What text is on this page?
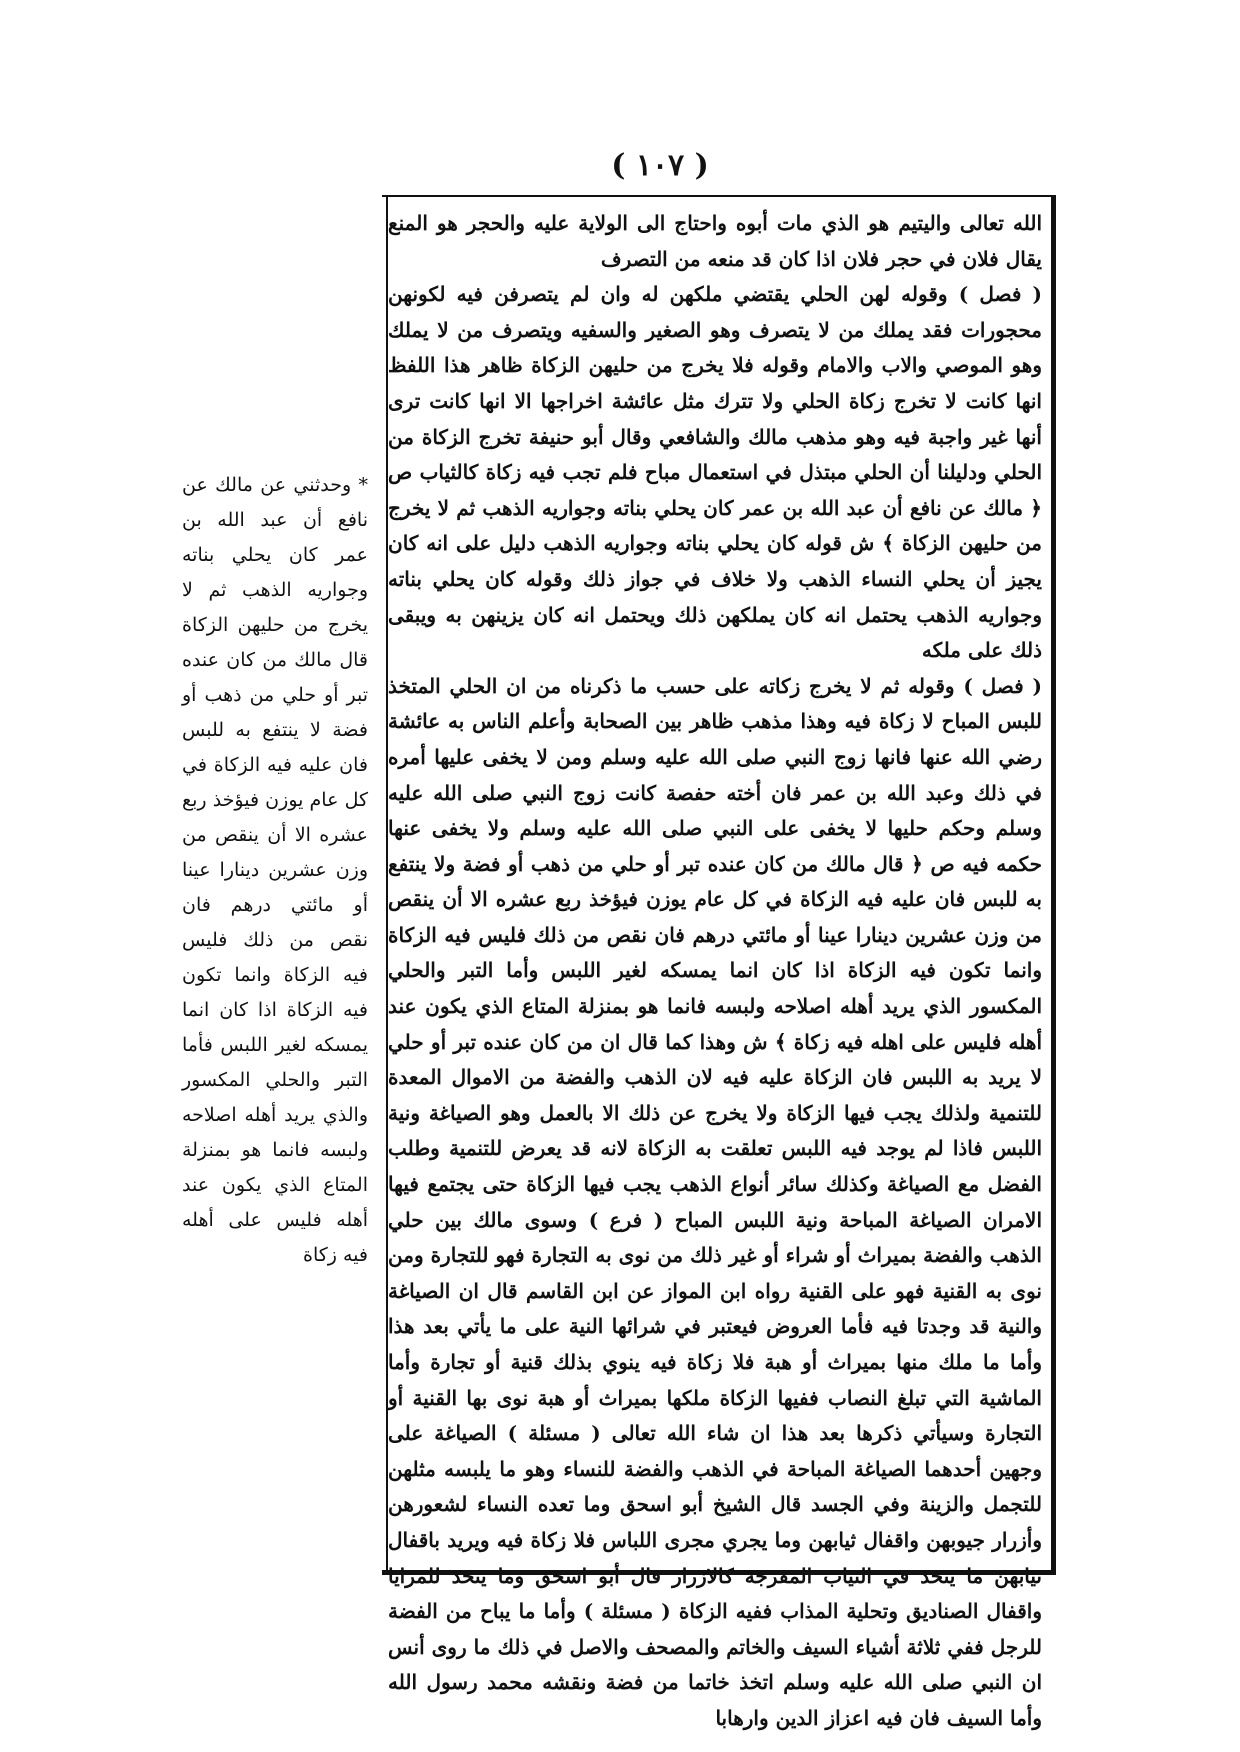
( ١٠٧ )

الله تعالى واليتيم هو الذي مات أبوه واحتاج الى الولاية عليه والحجر هو المنع يقال فلان في حجر فلان اذا كان قد منعه من التصرف

( فصل ) وقوله لهن الحلي يقتضي ملكهن له وان لم يتصرفن فيه لكونهن محجورات فقد يملك من لا يتصرف وهو الصغير والسفيه ويتصرف من لا يملك وهو الموصي والاب والامام وقوله فلا يخرج من حليهن الزكاة ظاهر هذا اللفظ انها كانت لا تخرج زكاة الحلي ولا تترك مثل عائشة اخراجها الا انها كانت ترى أنها غير واجبة فيه وهو مذهب مالك والشافعي وقال أبو حنيفة تخرج الزكاة من الحلي ودليلنا أن الحلي مبتذل في استعمال مباح فلم تجب فيه زكاة كالثياب ص ﴿ مالك عن نافع أن عبد الله بن عمر كان يحلي بناته وجواريه الذهب ثم لا يخرج من حليهن الزكاة ﴾ ش قوله كان يحلي بناته وجواريه الذهب دليل على انه كان يجيز أن يحلي النساء الذهب ولا خلاف في جواز ذلك وقوله كان يحلي بناته وجواريه الذهب يحتمل انه كان يملكهن ذلك ويحتمل انه كان يزينهن به ويبقى ذلك على ملكه

( فصل ) وقوله ثم لا يخرج زكاته على حسب ما ذكرناه من ان الحلي المتخذ للبس المباح لا زكاة فيه وهذا مذهب ظاهر بين الصحابة وأعلم الناس به عائشة رضي الله عنها فانها زوج النبي صلى الله عليه وسلم ومن لا يخفى عليها أمره في ذلك وعبد الله بن عمر فان أخته حفصة كانت زوج النبي صلى الله عليه وسلم وحكم حليها لا يخفى على النبي صلى الله عليه وسلم ولا يخفى عنها حكمه فيه ص ﴿ قال مالك من كان عنده تبر أو حلي من ذهب أو فضة ولا ينتفع به للبس فان عليه فيه الزكاة في كل عام يوزن فيؤخذ ربع عشره الا أن ينقص من وزن عشرين دينارا عينا أو مائتي درهم فان نقص من ذلك فليس فيه الزكاة وانما تكون فيه الزكاة اذا كان انما يمسكه لغير اللبس وأما التبر والحلي المكسور الذي يريد أهله اصلاحه ولبسه فانما هو بمنزلة المتاع الذي يكون عند أهله فليس على اهله فيه زكاة ﴾ ش وهذا كما قال ان من كان عنده تبر أو حلي لا يريد به اللبس فان الزكاة عليه فيه لان الذهب والفضة من الاموال المعدة للتنمية ولذلك يجب فيها الزكاة ولا يخرج عن ذلك الا بالعمل وهو الصياغة ونية اللبس فاذا لم يوجد فيه اللبس تعلقت به الزكاة لانه قد يعرض للتنمية وطلب الفضل مع الصياغة وكذلك سائر أنواع الذهب يجب فيها الزكاة حتى يجتمع فيها الامران الصياغة المباحة ونية اللبس المباح ( فرع ) وسوى مالك بين حلي الذهب والفضة بميراث أو شراء أو غير ذلك من نوى به التجارة فهو للتجارة ومن نوى به القنية فهو على القنية رواه ابن المواز عن ابن القاسم قال ان الصياغة والنية قد وجدتا فيه فأما العروض فيعتبر في شرائها النية على ما يأتي بعد هذا وأما ما ملك منها بميراث أو هبة فلا زكاة فيه ينوي بذلك قنية أو تجارة وأما الماشية التي تبلغ النصاب ففيها الزكاة ملكها بميراث أو هبة نوى بها القنية أو التجارة وسيأتي ذكرها بعد هذا ان شاء الله تعالى ( مسئلة ) الصياغة على وجهين أحدهما الصياغة المباحة في الذهب والفضة للنساء وهو ما يلبسه مثلهن للتجمل والزينة وفي الجسد قال الشيخ أبو اسحق وما تعده النساء لشعورهن وأزرار جيوبهن واقفال ثيابهن وما يجري مجرى اللباس فلا زكاة فيه ويريد باقفال ثيابهن ما يتخذ في الثياب المفرجة كالازرار قال أبو اسحق وما يتخذ للمرايا واقفال الصناديق وتحلية المذاب ففيه الزكاة ( مسئلة ) وأما ما يباح من الفضة للرجل ففي ثلاثة أشياء السيف والخاتم والمصحف والاصل في ذلك ما روى أنس ان النبي صلى الله عليه وسلم اتخذ خاتما من فضة ونقشه محمد رسول الله وأما السيف فان فيه اعزاز الدين وارهابا

* وحدثني عن مالك عن نافع أن عبد الله بن عمر كان يحلي بناته وجواريه الذهب ثم لا يخرج من حليهن الزكاة قال مالك من كان عنده تبر أو حلي من ذهب أو فضة لا ينتفع به للبس فان عليه فيه الزكاة في كل عام يوزن فيؤخذ ربع عشره الا أن ينقص من وزن عشرين دينارا عينا أو مائتي درهم فان نقص من ذلك فليس فيه الزكاة وانما تكون فيه الزكاة اذا كان انما يمسكه لغير اللبس فأما التبر والحلي المكسور والذي يريد أهله اصلاحه ولبسه فانما هو بمنزلة المتاع الذي يكون عند أهله فليس على أهله فيه زكاة
